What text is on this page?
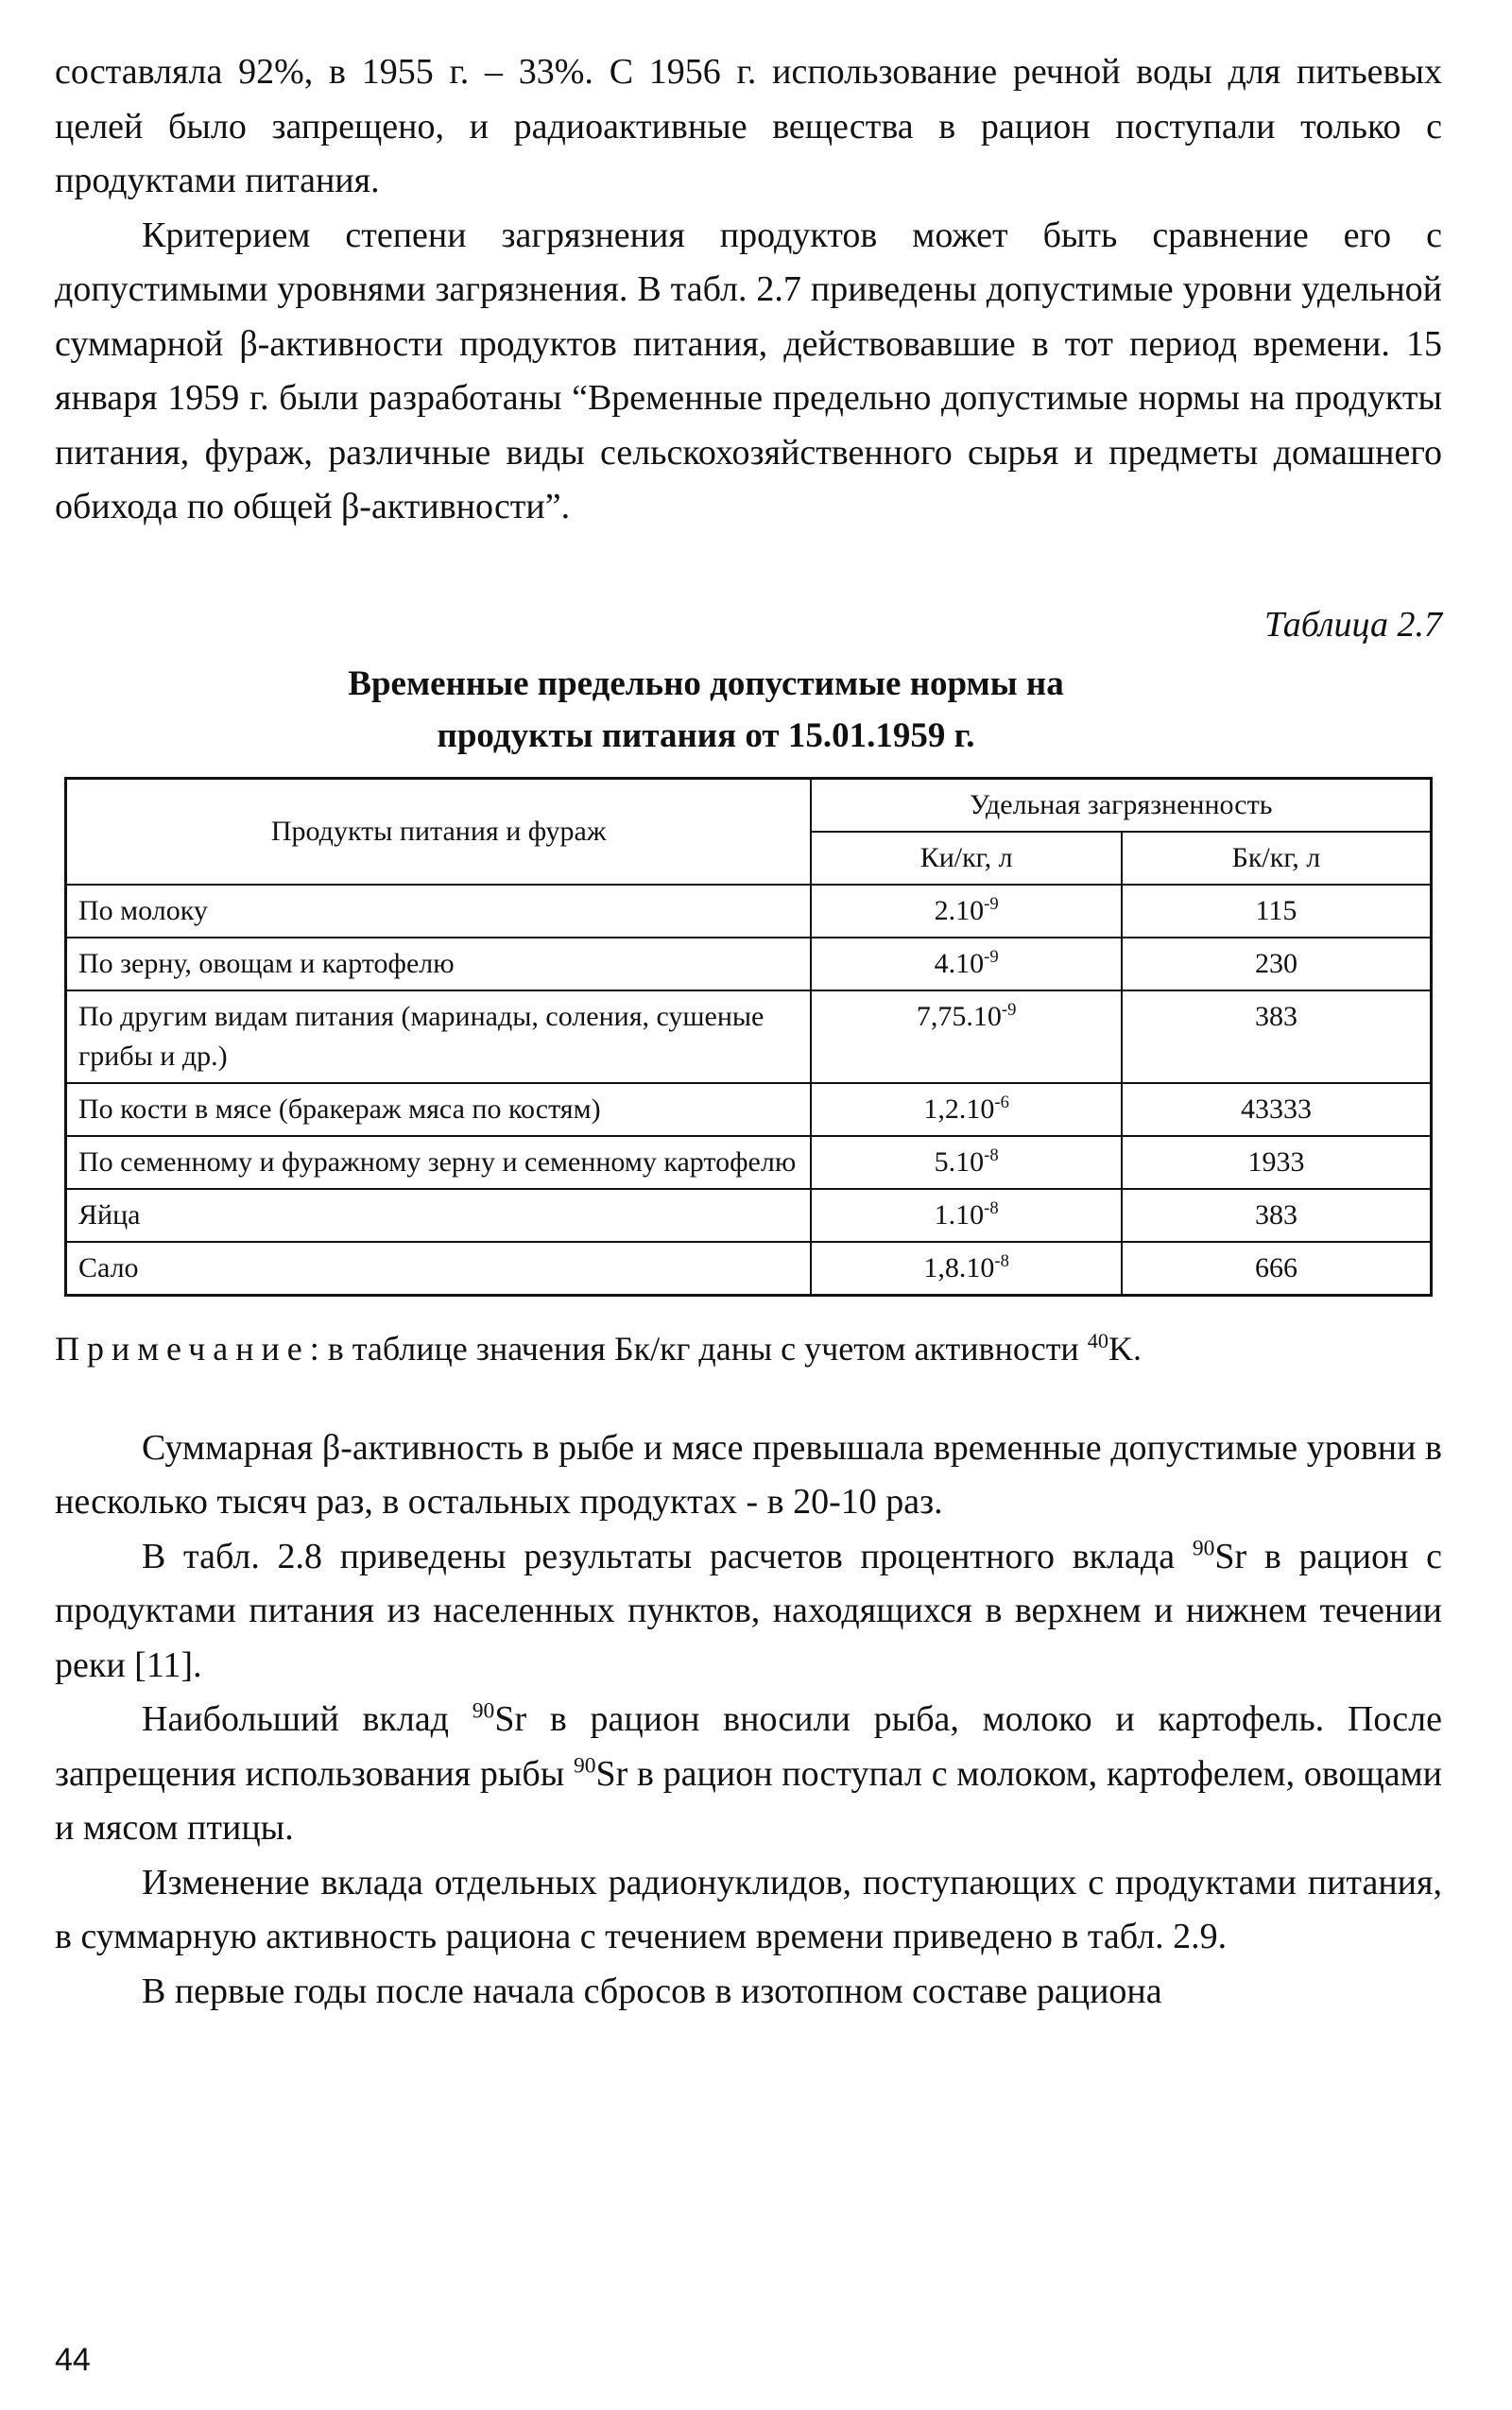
составляла 92%, в 1955 г. – 33%. С 1956 г. использование речной воды для питьевых целей было запрещено, и радиоактивные вещества в рацион поступали только с продуктами питания.

Критерием степени загрязнения продуктов может быть сравнение его с допустимыми уровнями загрязнения. В табл. 2.7 приведены допустимые уровни удельной суммарной β-активности продуктов питания, действовавшие в тот период времени. 15 января 1959 г. были разработаны “Временные предельно допустимые нормы на продукты питания, фураж, различные виды сельскохозяйственного сырья и предметы домашнего обихода по общей β-активности”.

Таблица 2.7
Временные предельно допустимые нормы на
продукты питания от 15.01.1959 г.
Продукты питания и фураж	Удельная загрязненность	
	Ки/кг, л	Бк/кг, л
По молоку	$2.10^{-9}$	115
По зерну, овощам и картофелю	$4.10^{-9}$	230
По другим видам питания (маринады, соления, сушеные грибы и др.)	$7,75.10^{-9}$	383
По кости в мясе (бракераж мяса по костям)	$1,2.10^{-6}$	43333
По семенному и фуражному зерну и семенному картофелю	$5.10^{-8}$	1933
Яйца	$1.10^{-8}$	383
Сало	$1,8.10^{-8}$	666
Примечание: в таблице значения Бк/кг даны с учетом активности $^{40}$K.

Суммарная β-активность в рыбе и мясе превышала временные допустимые уровни в несколько тысяч раз, в остальных продуктах - в 20-10 раз.

В табл. 2.8 приведены результаты расчетов процентного вклада $^{90}$Sr в рацион с продуктами питания из населенных пунктов, находящихся в верхнем и нижнем течении реки [11].

Наибольший вклад $^{90}$Sr в рацион вносили рыба, молоко и картофель. После запрещения использования рыбы $^{90}$Sr в рацион поступал с молоком, картофелем, овощами и мясом птицы.

Изменение вклада отдельных радионуклидов, поступающих с продуктами питания, в суммарную активность рациона с течением времени приведено в табл. 2.9.

В первые годы после начала сбросов в изотопном составе рациона

44
